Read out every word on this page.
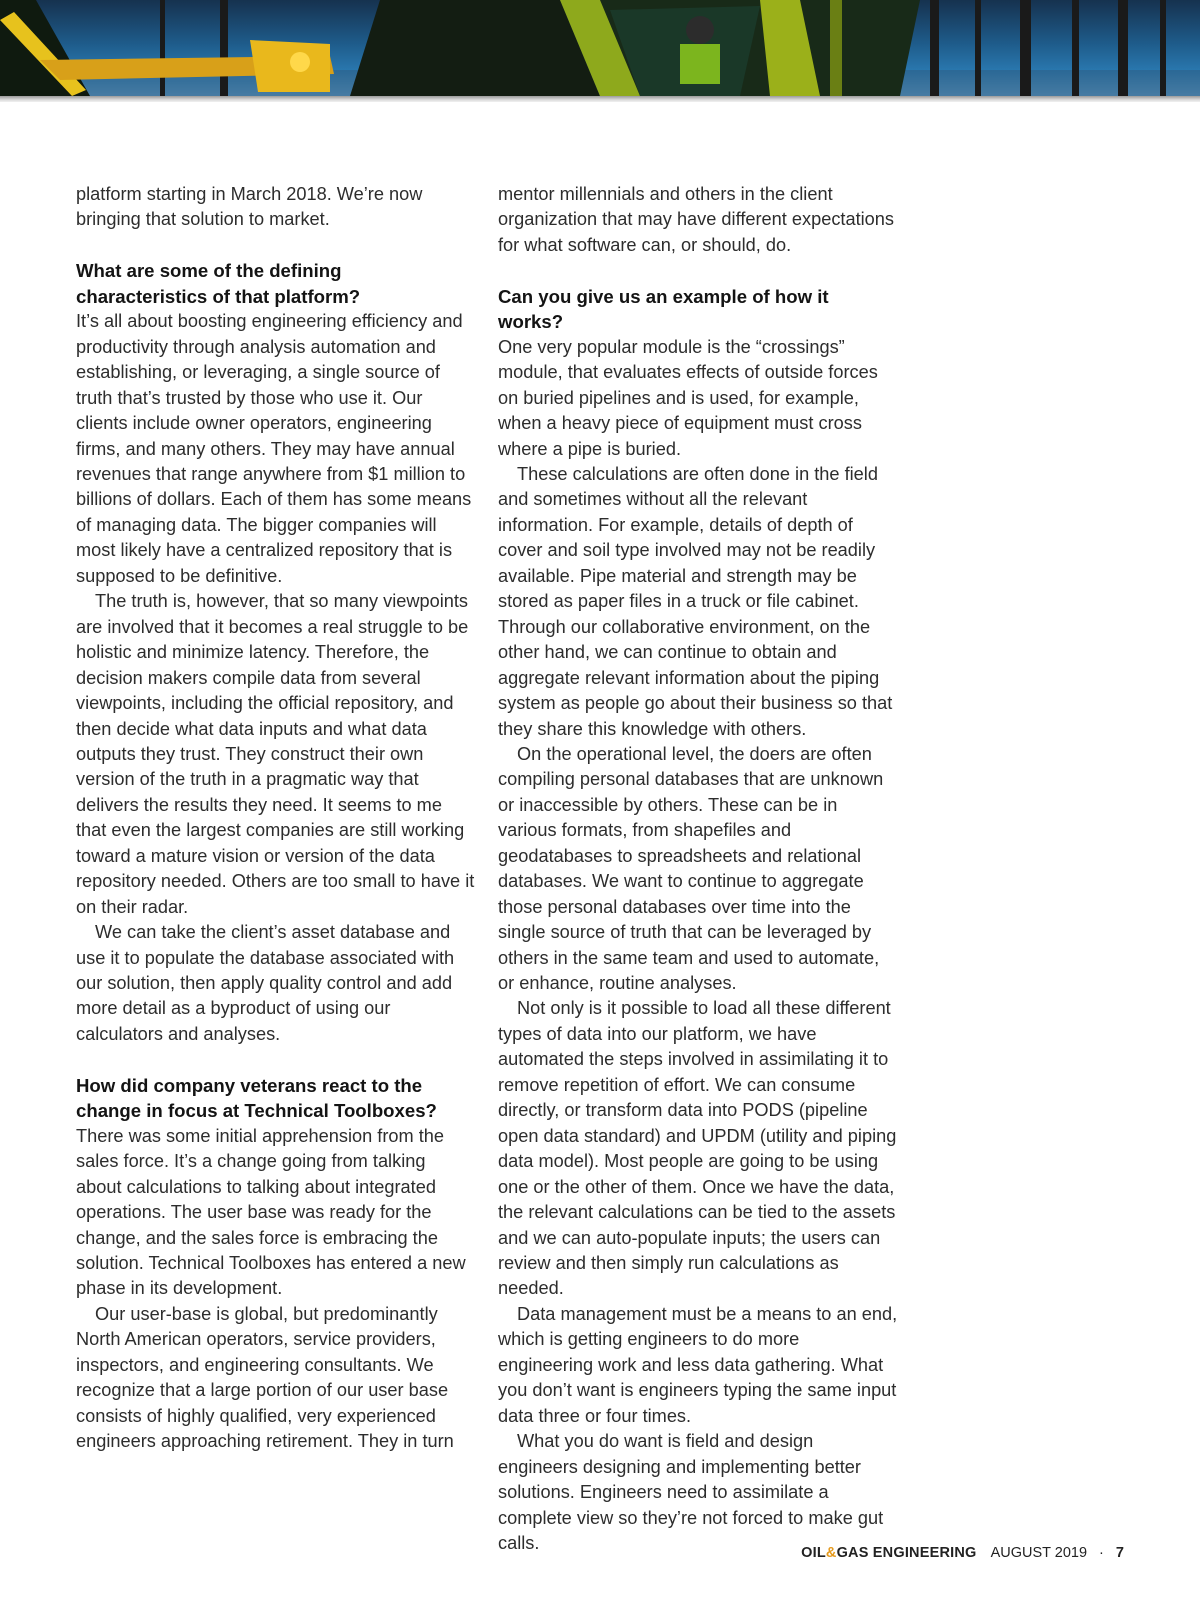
platform starting in March 2018. We’re now bringing that solution to market.

What are some of the defining characteristics of that platform?

It’s all about boosting engineering efficiency and productivity through analysis automation and establishing, or leveraging, a single source of truth that’s trusted by those who use it. Our clients include owner operators, engineering firms, and many others. They may have annual revenues that range anywhere from $1 million to billions of dollars. Each of them has some means of managing data. The bigger companies will most likely have a centralized repository that is supposed to be definitive.

The truth is, however, that so many viewpoints are involved that it becomes a real struggle to be holistic and minimize latency. Therefore, the decision makers compile data from several viewpoints, including the official repository, and then decide what data inputs and what data outputs they trust. They construct their own version of the truth in a pragmatic way that delivers the results they need. It seems to me that even the largest companies are still working toward a mature vision or version of the data repository needed. Others are too small to have it on their radar.

We can take the client’s asset database and use it to populate the database associated with our solution, then apply quality control and add more detail as a byproduct of using our calculators and analyses.

How did company veterans react to the change in focus at Technical Toolboxes?

There was some initial apprehension from the sales force. It’s a change going from talking about calculations to talking about integrated operations. The user base was ready for the change, and the sales force is embracing the solution. Technical Toolboxes has entered a new phase in its development.

Our user-base is global, but predominantly North American operators, service providers, inspectors, and engineering consultants. We recognize that a large portion of our user base consists of highly qualified, very experienced engineers approaching retirement. They in turn

mentor millennials and others in the client organization that may have different expectations for what software can, or should, do.

Can you give us an example of how it works?

One very popular module is the “crossings” module, that evaluates effects of outside forces on buried pipelines and is used, for example, when a heavy piece of equipment must cross where a pipe is buried.

These calculations are often done in the field and sometimes without all the relevant information. For example, details of depth of cover and soil type involved may not be readily available. Pipe material and strength may be stored as paper files in a truck or file cabinet. Through our collaborative environment, on the other hand, we can continue to obtain and aggregate relevant information about the piping system as people go about their business so that they share this knowledge with others.

On the operational level, the doers are often compiling personal databases that are unknown or inaccessible by others. These can be in various formats, from shapefiles and geodatabases to spreadsheets and relational databases. We want to continue to aggregate those personal databases over time into the single source of truth that can be leveraged by others in the same team and used to automate, or enhance, routine analyses.

Not only is it possible to load all these different types of data into our platform, we have automated the steps involved in assimilating it to remove repetition of effort. We can consume directly, or transform data into PODS (pipeline open data standard) and UPDM (utility and piping data model). Most people are going to be using one or the other of them. Once we have the data, the relevant calculations can be tied to the assets and we can auto-populate inputs; the users can review and then simply run calculations as needed.

Data management must be a means to an end, which is getting engineers to do more engineering work and less data gathering. What you don’t want is engineers typing the same input data three or four times.

What you do want is field and design engineers designing and implementing better solutions. Engineers need to assimilate a complete view so they’re not forced to make gut calls.	OIL&GAS ENGINEERING AUGUST 2019 · 7
